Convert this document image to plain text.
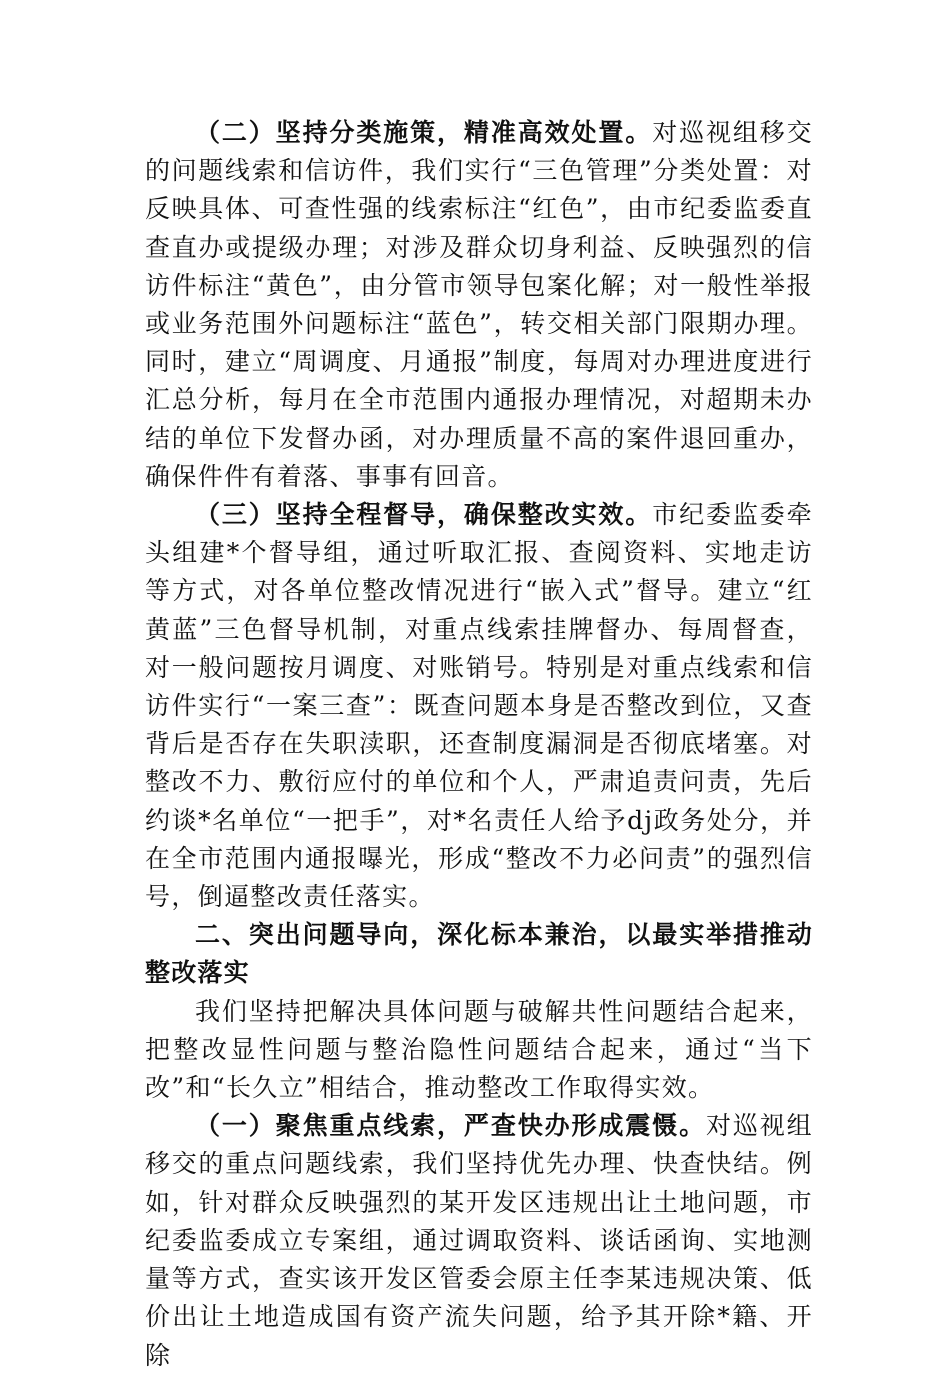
（二）坚持分类施策，精准高效处置。对巡视组移交的问题线索和信访件，我们实行“三色管理”分类处置：对反映具体、可查性强的线索标注“红色”，由市纪委监委直查直办或提级办理；对涉及群众切身利益、反映强烈的信访件标注“黄色”，由分管市领导包案化解；对一般性举报或业务范围外问题标注“蓝色”，转交相关部门限期办理。同时，建立“周调度、月通报”制度，每周对办理进度进行汇总分析，每月在全市范围内通报办理情况，对超期未办结的单位下发督办函，对办理质量不高的案件退回重办，确保件件有着落、事事有回音。

（三）坚持全程督导，确保整改实效。市纪委监委牵头组建*个督导组，通过听取汇报、查阅资料、实地走访等方式，对各单位整改情况进行“嵌入式”督导。建立“红黄蓝”三色督导机制，对重点线索挂牌督办、每周督查，对一般问题按月调度、对账销号。特别是对重点线索和信访件实行“一案三查”：既查问题本身是否整改到位，又查背后是否存在失职渎职，还查制度漏洞是否彻底堵塞。对整改不力、敷衍应付的单位和个人，严肃追责问责，先后约谈*名单位“一把手”，对*名责任人给予dj政务处分，并在全市范围内通报曝光，形成“整改不力必问责”的强烈信号，倒逼整改责任落实。

二、突出问题导向，深化标本兼治，以最实举措推动整改落实

我们坚持把解决具体问题与破解共性问题结合起来，把整改显性问题与整治隐性问题结合起来，通过“当下改”和“长久立”相结合，推动整改工作取得实效。

（一）聚焦重点线索，严查快办形成震慑。对巡视组移交的重点问题线索，我们坚持优先办理、快查快结。例如，针对群众反映强烈的某开发区违规出让土地问题，市纪委监委成立专案组，通过调取资料、谈话函询、实地测量等方式，查实该开发区管委会原主任李某违规决策、低价出让土地造成国有资产流失问题，给予其开除*籍、开除
